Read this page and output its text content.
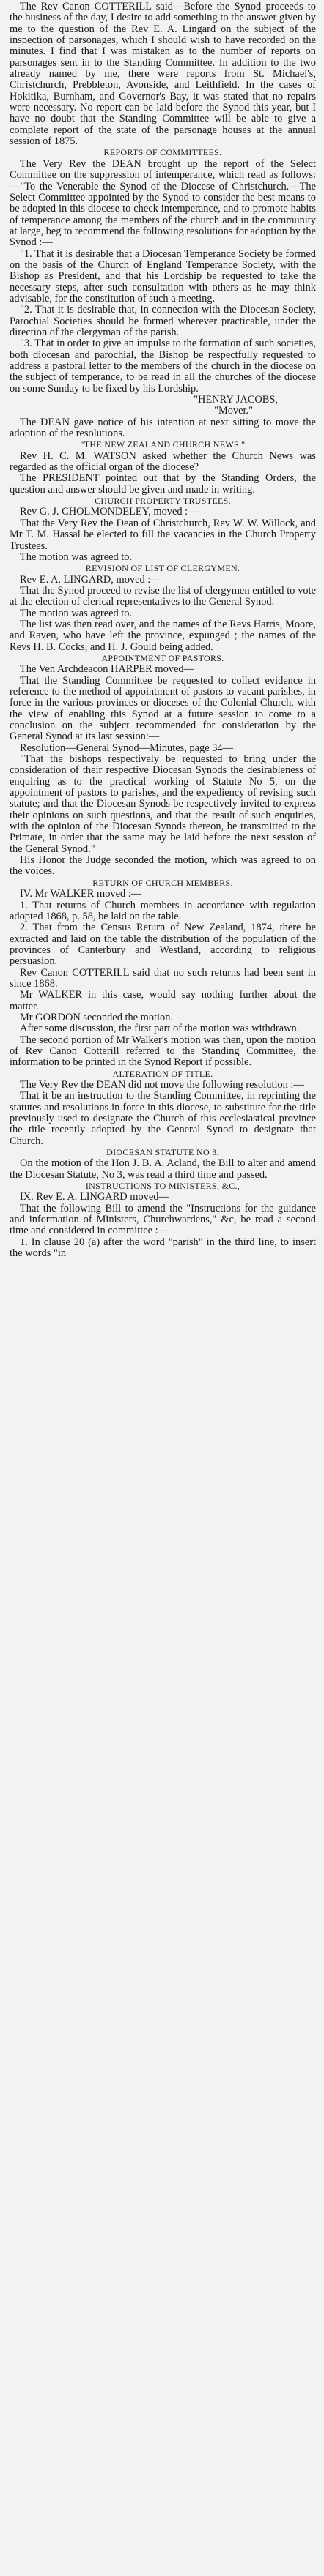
The Rev Canon COTTERILL said—Before the Synod proceeds to the business of the day, I desire to add something to the answer given by me to the question of the Rev E. A. Lingard on the subject of the inspection of parsonages, which I should wish to have recorded on the minutes. I find that I was mistaken as to the number of reports on parsonages sent in to the Standing Committee. In addition to the two already named by me, there were reports from St. Michael's, Christchurch, Prebbleton, Avonside, and Leithfield. In the cases of Hokitika, Burnham, and Governor's Bay, it was stated that no repairs were necessary. No report can be laid before the Synod this year, but I have no doubt that the Standing Committee will be able to give a complete report of the state of the parsonage houses at the annual session of 1875.

REPORTS OF COMMITTEES.

The Very Rev the DEAN brought up the report of the Select Committee on the suppression of intemperance, which read as follows:—"To the Venerable the Synod of the Diocese of Christchurch.—The Select Committee appointed by the Synod to consider the best means to be adopted in this diocese to check intemperance, and to promote habits of temperance among the members of the church and in the community at large, beg to recommend the following resolutions for adoption by the Synod :—

"1. That it is desirable that a Diocesan Temperance Society be formed on the basis of the Church of England Temperance Society, with the Bishop as President, and that his Lordship be requested to take the necessary steps, after such consultation with others as he may think advisable, for the constitution of such a meeting.

"2. That it is desirable that, in connection with the Diocesan Society, Parochial Societies should be formed wherever practicable, under the direction of the clergyman of the parish.

"3. That in order to give an impulse to the formation of such societies, both diocesan and parochial, the Bishop be respectfully requested to address a pastoral letter to the members of the church in the diocese on the subject of temperance, to be read in all the churches of the diocese on some Sunday to be fixed by his Lordship.

"HENRY JACOBS,

"Mover."

The DEAN gave notice of his intention at next sitting to move the adoption of the resolutions.

"THE NEW ZEALAND CHURCH NEWS."

Rev H. C. M. WATSON asked whether the Church News was regarded as the official organ of the diocese?

The PRESIDENT pointed out that by the Standing Orders, the question and answer should be given and made in writing.

CHURCH PROPERTY TRUSTEES.

Rev G. J. CHOLMONDELEY, moved :—

That the Very Rev the Dean of Christchurch, Rev W. W. Willock, and Mr T. M. Hassal be elected to fill the vacancies in the Church Property Trustees.

The motion was agreed to.

REVISION OF LIST OF CLERGYMEN.

Rev E. A. LINGARD, moved :—

That the Synod proceed to revise the list of clergymen entitled to vote at the election of clerical representatives to the General Synod.

The motion was agreed to.

The list was then read over, and the names of the Revs Harris, Moore, and Raven, who have left the province, expunged ; the names of the Revs H. B. Cocks, and H. J. Gould being added.

APPOINTMENT OF PASTORS.

The Ven Archdeacon HARPER moved—

That the Standing Committee be requested to collect evidence in reference to the method of appointment of pastors to vacant parishes, in force in the various provinces or dioceses of the Colonial Church, with the view of enabling this Synod at a future session to come to a conclusion on the subject recommended for consideration by the General Synod at its last session:—

Resolution—General Synod—Minutes, page 34—

"That the bishops respectively be requested to bring under the consideration of their respective Diocesan Synods the desirableness of enquiring as to the practical working of Statute No 5, on the appointment of pastors to parishes, and the expediency of revising such statute; and that the Diocesan Synods be respectively invited to express their opinions on such questions, and that the result of such enquiries, with the opinion of the Diocesan Synods thereon, be transmitted to the Primate, in order that the same may be laid before the next session of the General Synod."

His Honor the Judge seconded the motion, which was agreed to on the voices.

RETURN OF CHURCH MEMBERS.

IV. Mr WALKER moved :—

1. That returns of Church members in accordance with regulation adopted 1868, p. 58, be laid on the table.

2. That from the Census Return of New Zealand, 1874, there be extracted and laid on the table the distribution of the population of the provinces of Canterbury and Westland, according to religious persuasion.

Rev Canon COTTERILL said that no such returns had been sent in since 1868.

Mr WALKER in this case, would say nothing further about the matter.

Mr GORDON seconded the motion.

After some discussion, the first part of the motion was withdrawn.

The second portion of Mr Walker's motion was then, upon the motion of Rev Canon Cotterill referred to the Standing Committee, the information to be printed in the Synod Report if possible.

ALTERATION OF TITLE.

The Very Rev the DEAN did not move the following resolution :—

That it be an instruction to the Standing Committee, in reprinting the statutes and resolutions in force in this diocese, to substitute for the title previously used to designate the Church of this ecclesiastical province the title recently adopted by the General Synod to designate that Church.

DIOCESAN STATUTE NO 3.

On the motion of the Hon J. B. A. Acland, the Bill to alter and amend the Diocesan Statute, No 3, was read a third time and passed.

INSTRUCTIONS TO MINISTERS, &C.,

IX. Rev E. A. LINGARD moved—

That the following Bill to amend the "Instructions for the guidance and information of Ministers, Churchwardens," &c, be read a second time and considered in committee :—

1. In clause 20 (a) after the word "parish" in the third line, to insert the words "in
